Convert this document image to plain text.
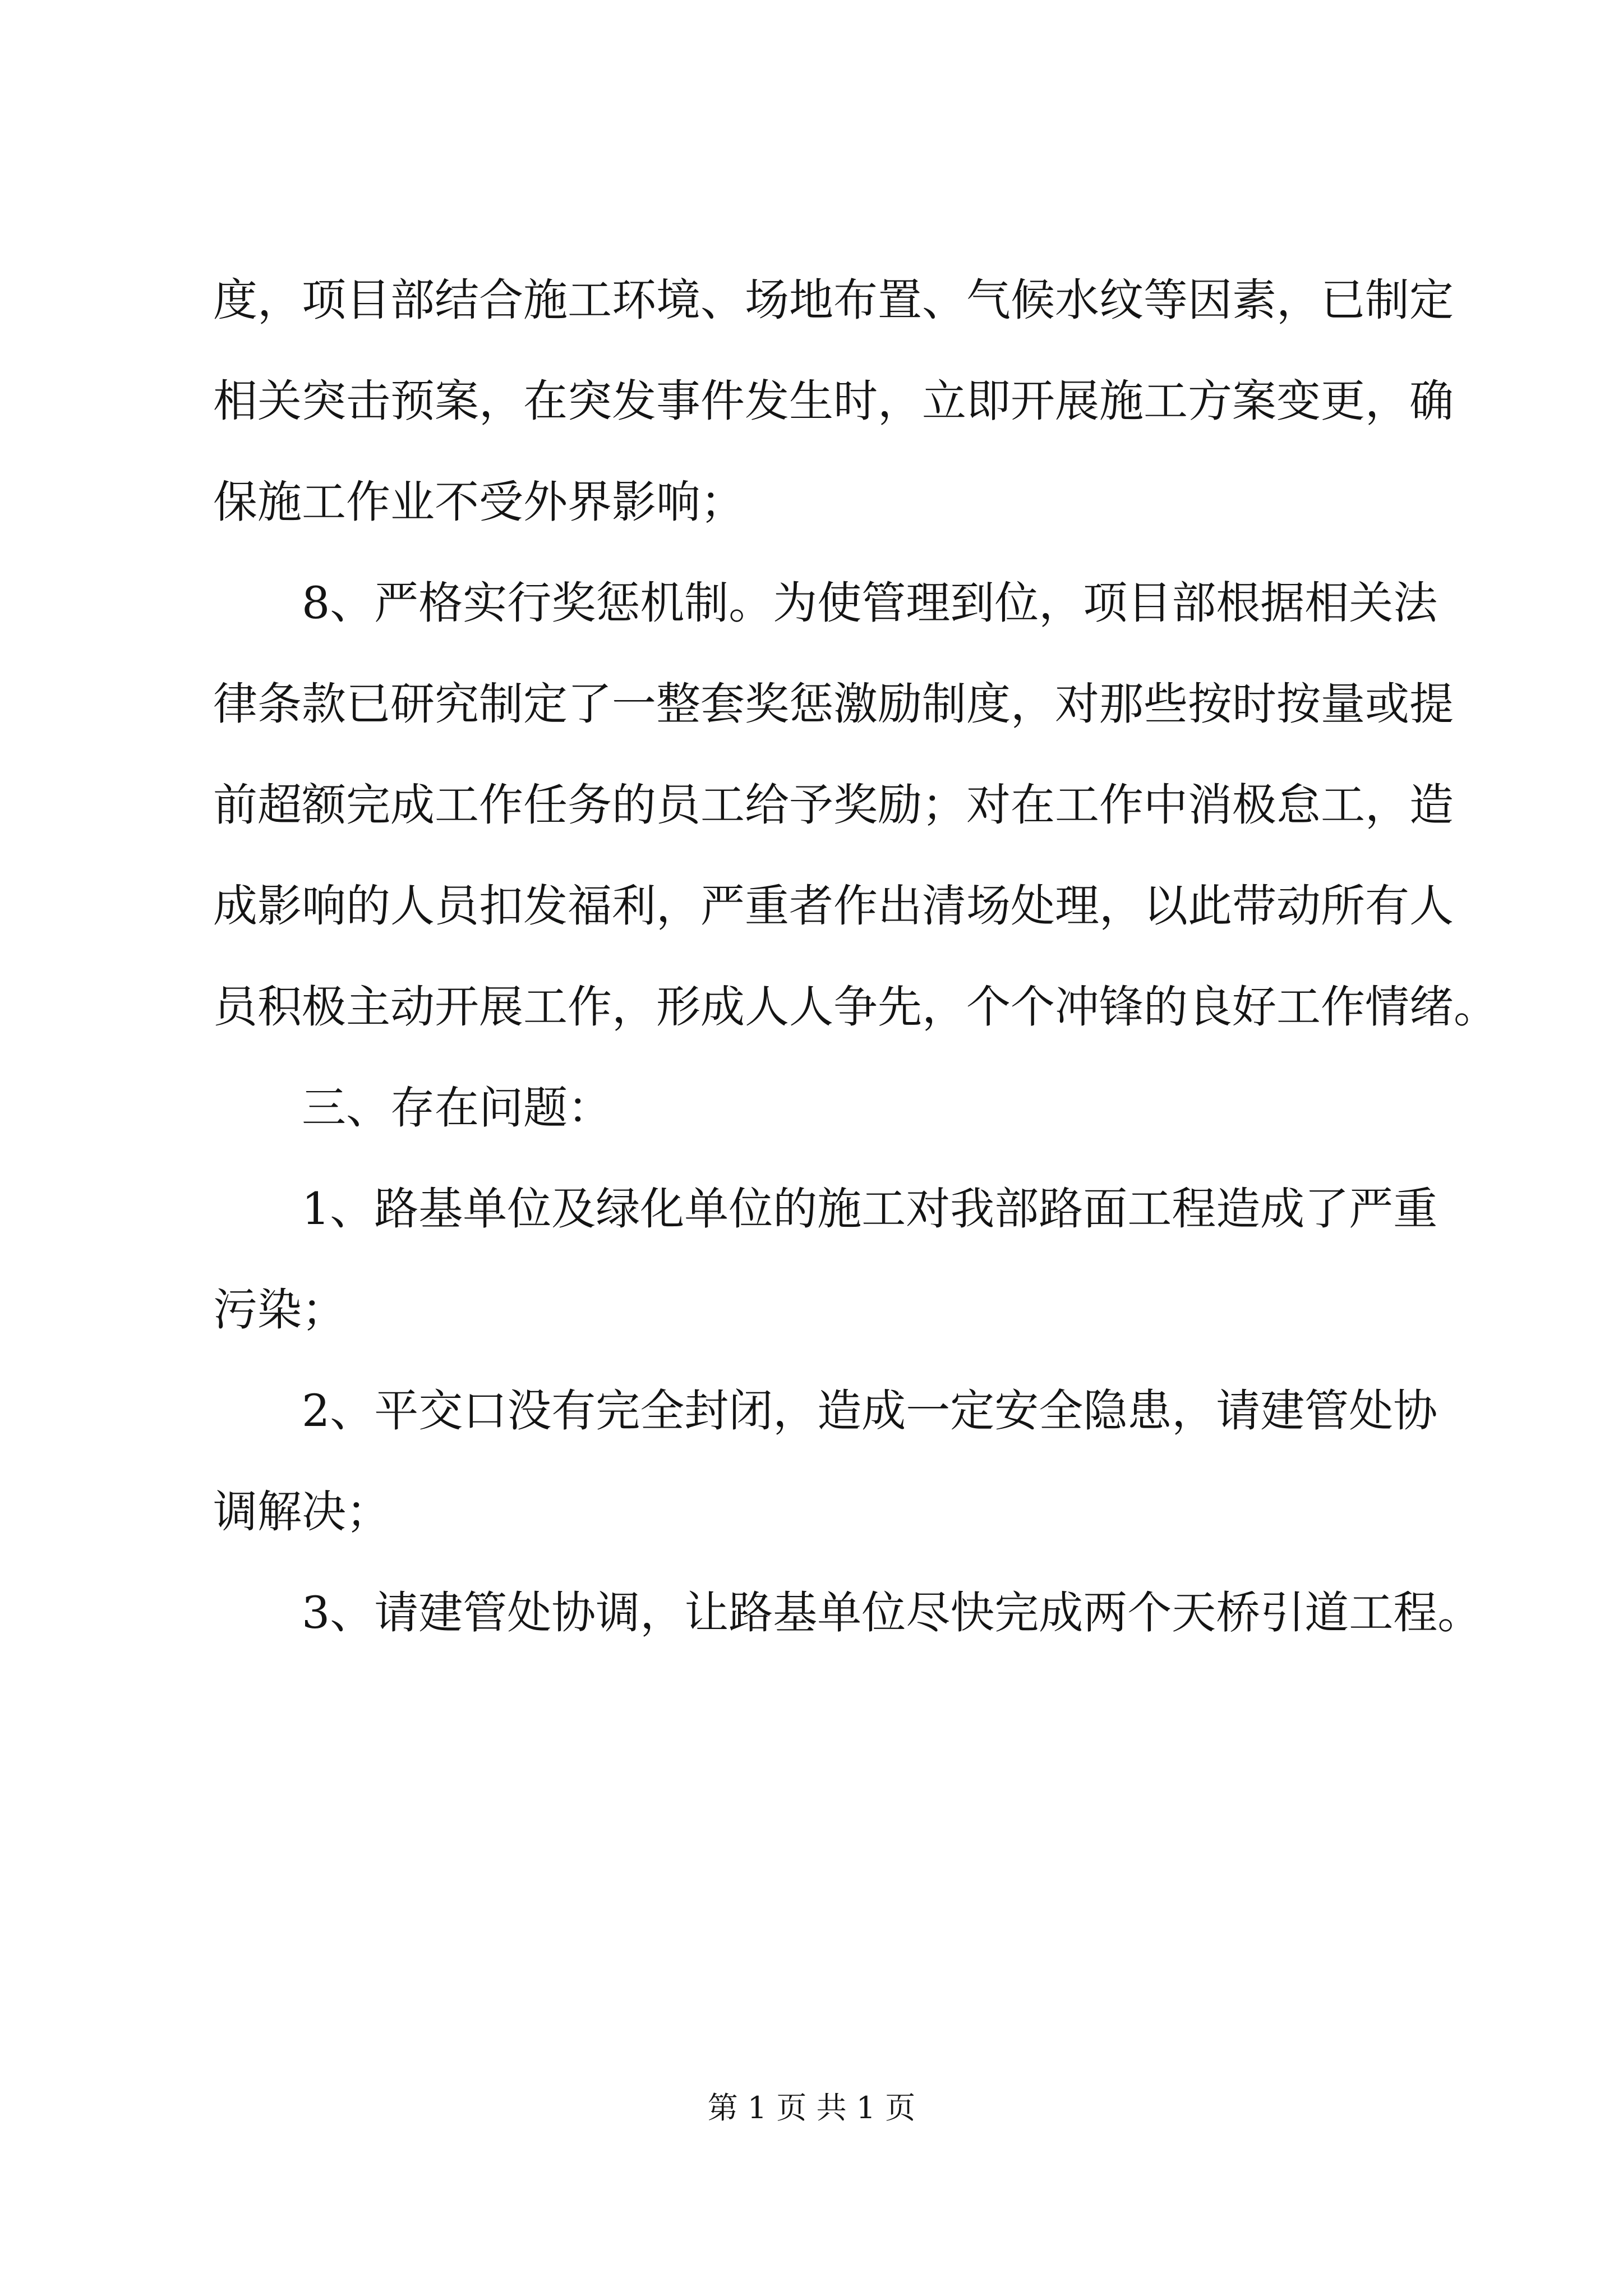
度，项目部结合施工环境、场地布置、气候水纹等因素，已制定
相关突击预案，在突发事件发生时，立即开展施工方案变更，确
保施工作业不受外界影响；
8、严格实行奖惩机制。为使管理到位，项目部根据相关法
律条款已研究制定了一整套奖惩激励制度，对那些按时按量或提
前超额完成工作任务的员工给予奖励；对在工作中消极怠工，造
成影响的人员扣发福利，严重者作出清场处理，以此带动所有人
员积极主动开展工作，形成人人争先，个个冲锋的良好工作情绪。
三、存在问题：
1、路基单位及绿化单位的施工对我部路面工程造成了严重
污染；
2、平交口没有完全封闭，造成一定安全隐患，请建管处协
调解决；
3、请建管处协调，让路基单位尽快完成两个天桥引道工程。
第 1 页 共 1 页
